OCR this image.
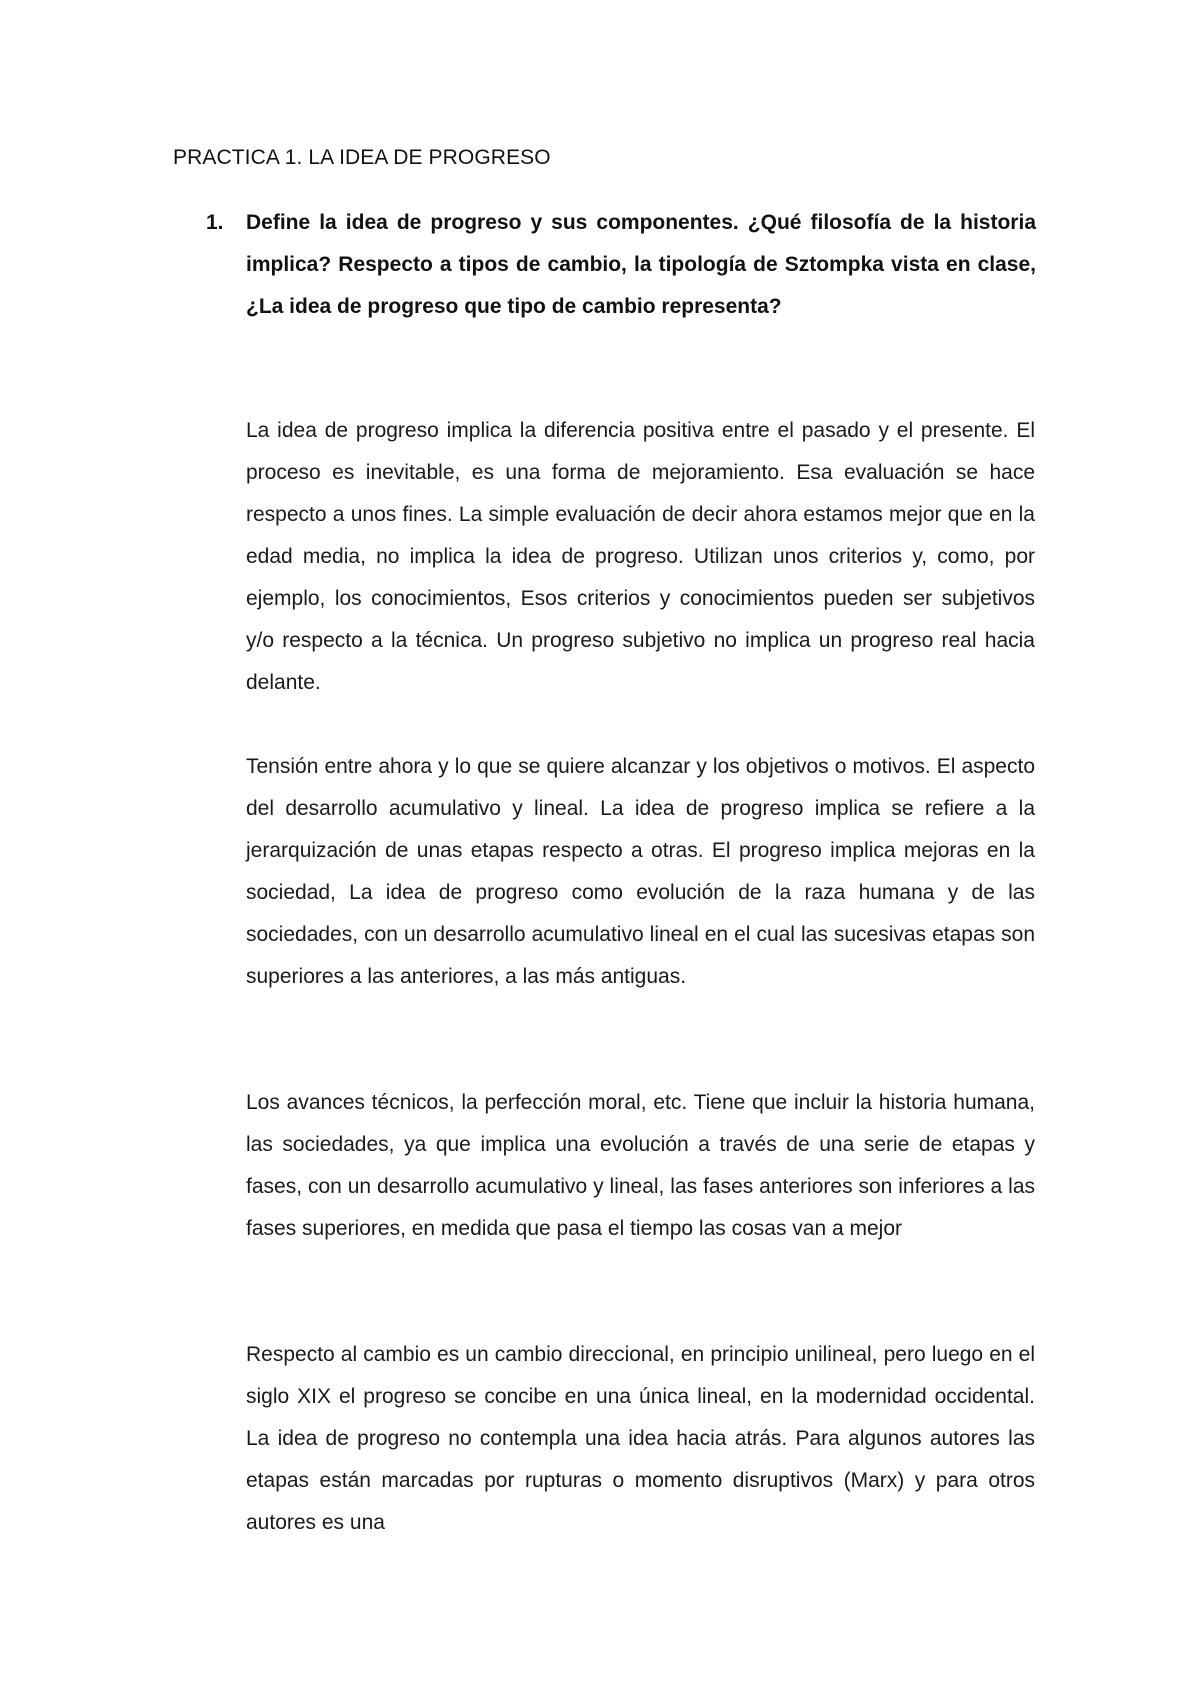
PRACTICA 1. LA IDEA DE PROGRESO
1. Define la idea de progreso y sus componentes. ¿Qué filosofía de la historia implica? Respecto a tipos de cambio, la tipología de Sztompka vista en clase, ¿La idea de progreso que tipo de cambio representa?

La idea de progreso implica la diferencia positiva entre el pasado y el presente. El proceso es inevitable, es una forma de mejoramiento. Esa evaluación se hace respecto a unos fines. La simple evaluación de decir ahora estamos mejor que en la edad media, no implica la idea de progreso. Utilizan unos criterios y, como, por ejemplo, los conocimientos, Esos criterios y conocimientos pueden ser subjetivos y/o respecto a la técnica. Un progreso subjetivo no implica un progreso real hacia delante.

Tensión entre ahora y lo que se quiere alcanzar y los objetivos o motivos. El aspecto del desarrollo acumulativo y lineal. La idea de progreso implica se refiere a la jerarquización de unas etapas respecto a otras. El progreso implica mejoras en la sociedad, La idea de progreso como evolución de la raza humana y de las sociedades, con un desarrollo acumulativo lineal en el cual las sucesivas etapas son superiores a las anteriores, a las más antiguas.

Los avances técnicos, la perfección moral, etc. Tiene que incluir la historia humana, las sociedades, ya que implica una evolución a través de una serie de etapas y fases, con un desarrollo acumulativo y lineal, las fases anteriores son inferiores a las fases superiores, en medida que pasa el tiempo las cosas van a mejor

Respecto al cambio es un cambio direccional, en principio unilineal, pero luego en el siglo XIX el progreso se concibe en una única lineal, en la modernidad occidental. La idea de progreso no contempla una idea hacia atrás. Para algunos autores las etapas están marcadas por rupturas o momento disruptivos (Marx) y para otros autores es una
